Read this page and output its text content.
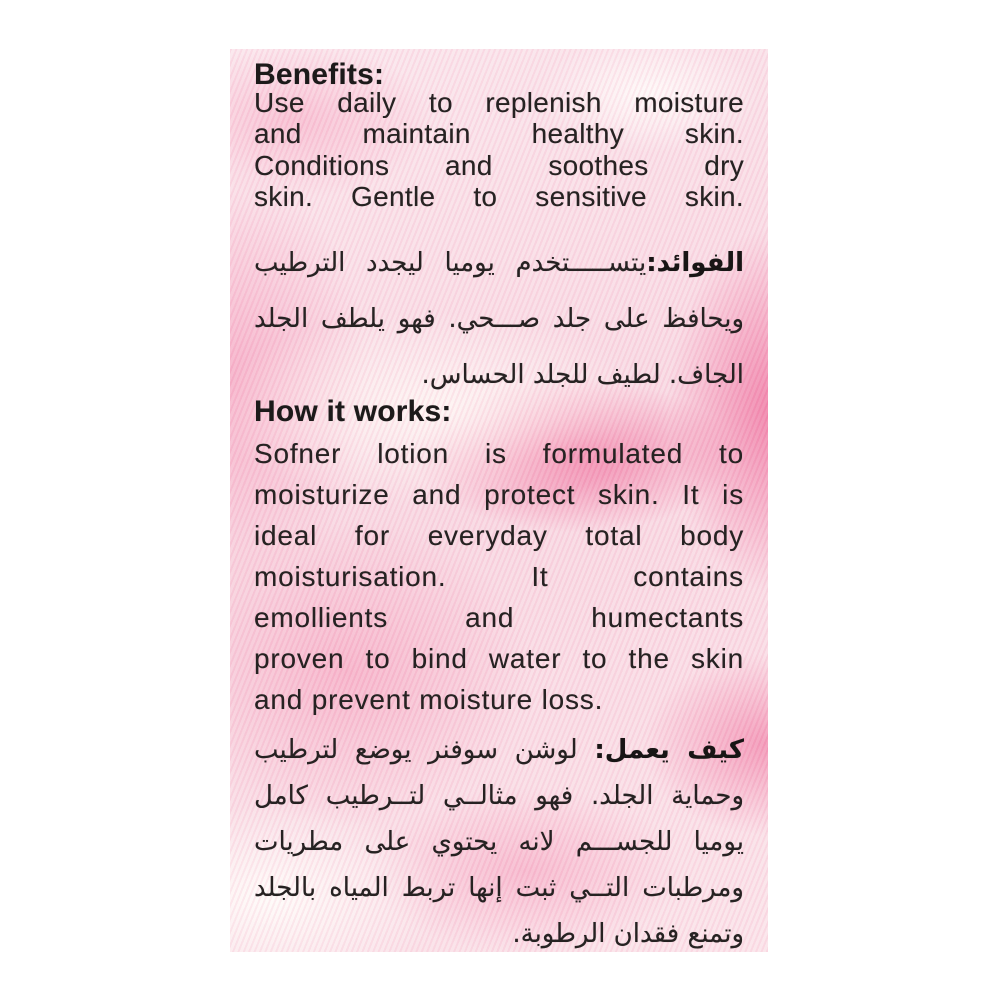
Benefits:
Use daily to replenish moisture
and maintain healthy skin.
Conditions and soothes dry
skin. Gentle to sensitive skin.
الفوائد:يتســـــتخدم يوميا ليجدد الترطيب
ويحافظ على جلد صـــحي. فهو يلطف الجلد
الجاف. لطيف للجلد الحساس.
How it works:
Sofner lotion is formulated to
moisturize and protect skin. It is
ideal for everyday total body
moisturisation. It contains
emollients and humectants
proven to bind water to the skin
and prevent moisture loss.
كيف يعمل: لوشن سوفنر يوضع لترطيب
وحماية الجلد. فهو مثالــي لتــرطيب كامل
يوميا للجســـم لانه يحتوي على مطريات
ومرطبات التــي ثبت إنها تربط المياه بالجلد
وتمنع فقدان الرطوبة.
